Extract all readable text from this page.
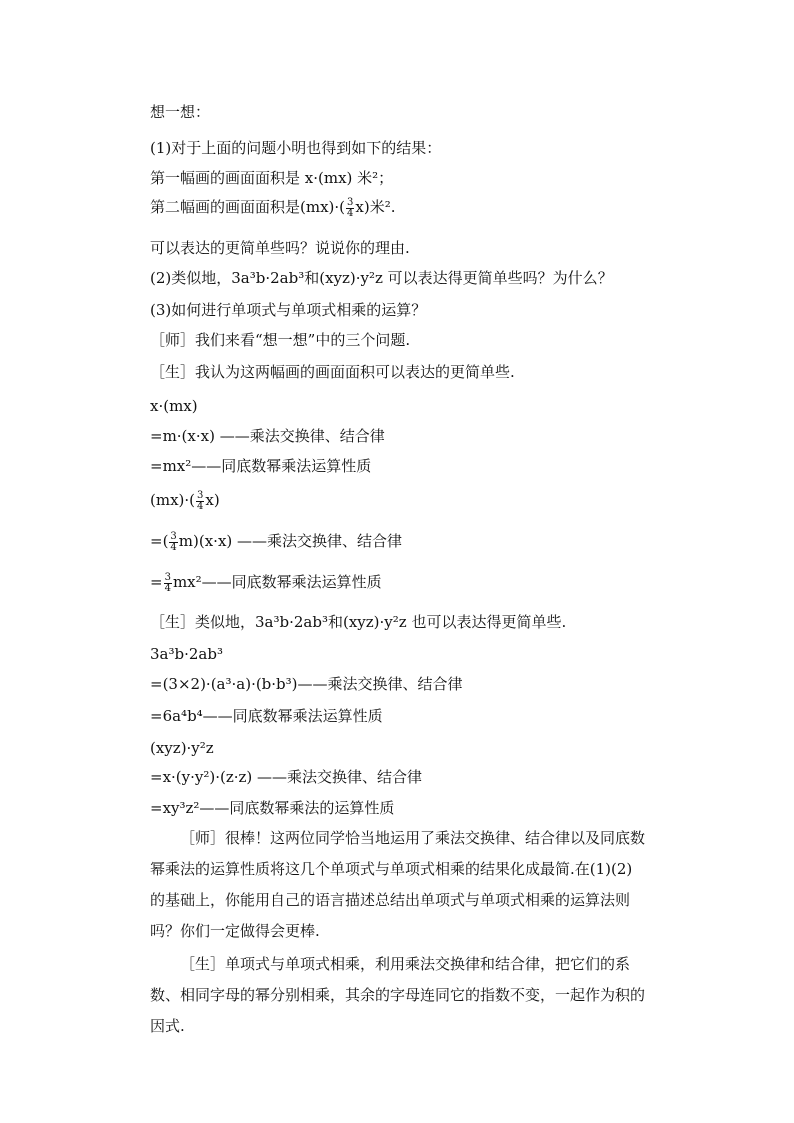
想一想：
(1)对于上面的问题小明也得到如下的结果：
第一幅画的画面面积是 x·(mx) 米²；
第二幅画的画面面积是$(mx)\cdot( \frac{3}{4} x)$米².
可以表达的更简单些吗？说说你的理由.
(2)类似地，3a³b·2ab³和(xyz)·y²z 可以表达得更简单些吗？为什么？
(3)如何进行单项式与单项式相乘的运算？
［师］我们来看“想一想”中的三个问题.
［生］我认为这两幅画的画面面积可以表达的更简单些.
x·(mx)
=m·(x·x) ——乘法交换律、结合律
=mx²——同底数幂乘法运算性质
$(mx)\cdot( \frac{3}{4} x)$
=( $\frac{3}{4} m)(x\cdot x)$ ——乘法交换律、结合律
= $\frac{3}{4}$ mx²——同底数幂乘法运算性质
［生］类似地，3a³b·2ab³和(xyz)·y²z 也可以表达得更简单些.
3a³b·2ab³
=(3×2)·(a³·a)·(b·b³)——乘法交换律、结合律
=6a⁴b⁴——同底数幂乘法运算性质
(xyz)·y²z
=x·(y·y²)·(z·z) ——乘法交换律、结合律
=xy³z²——同底数幂乘法的运算性质
［师］很棒！这两位同学恰当地运用了乘法交换律、结合律以及同底数幂乘法的运算性质将这几个单项式与单项式相乘的结果化成最简.在(1)(2)的基础上，你能用自己的语言描述总结出单项式与单项式相乘的运算法则吗？你们一定做得会更棒.
［生］单项式与单项式相乘，利用乘法交换律和结合律，把它们的系数、相同字母的幂分别相乘，其余的字母连同它的指数不变，一起作为积的因式.
